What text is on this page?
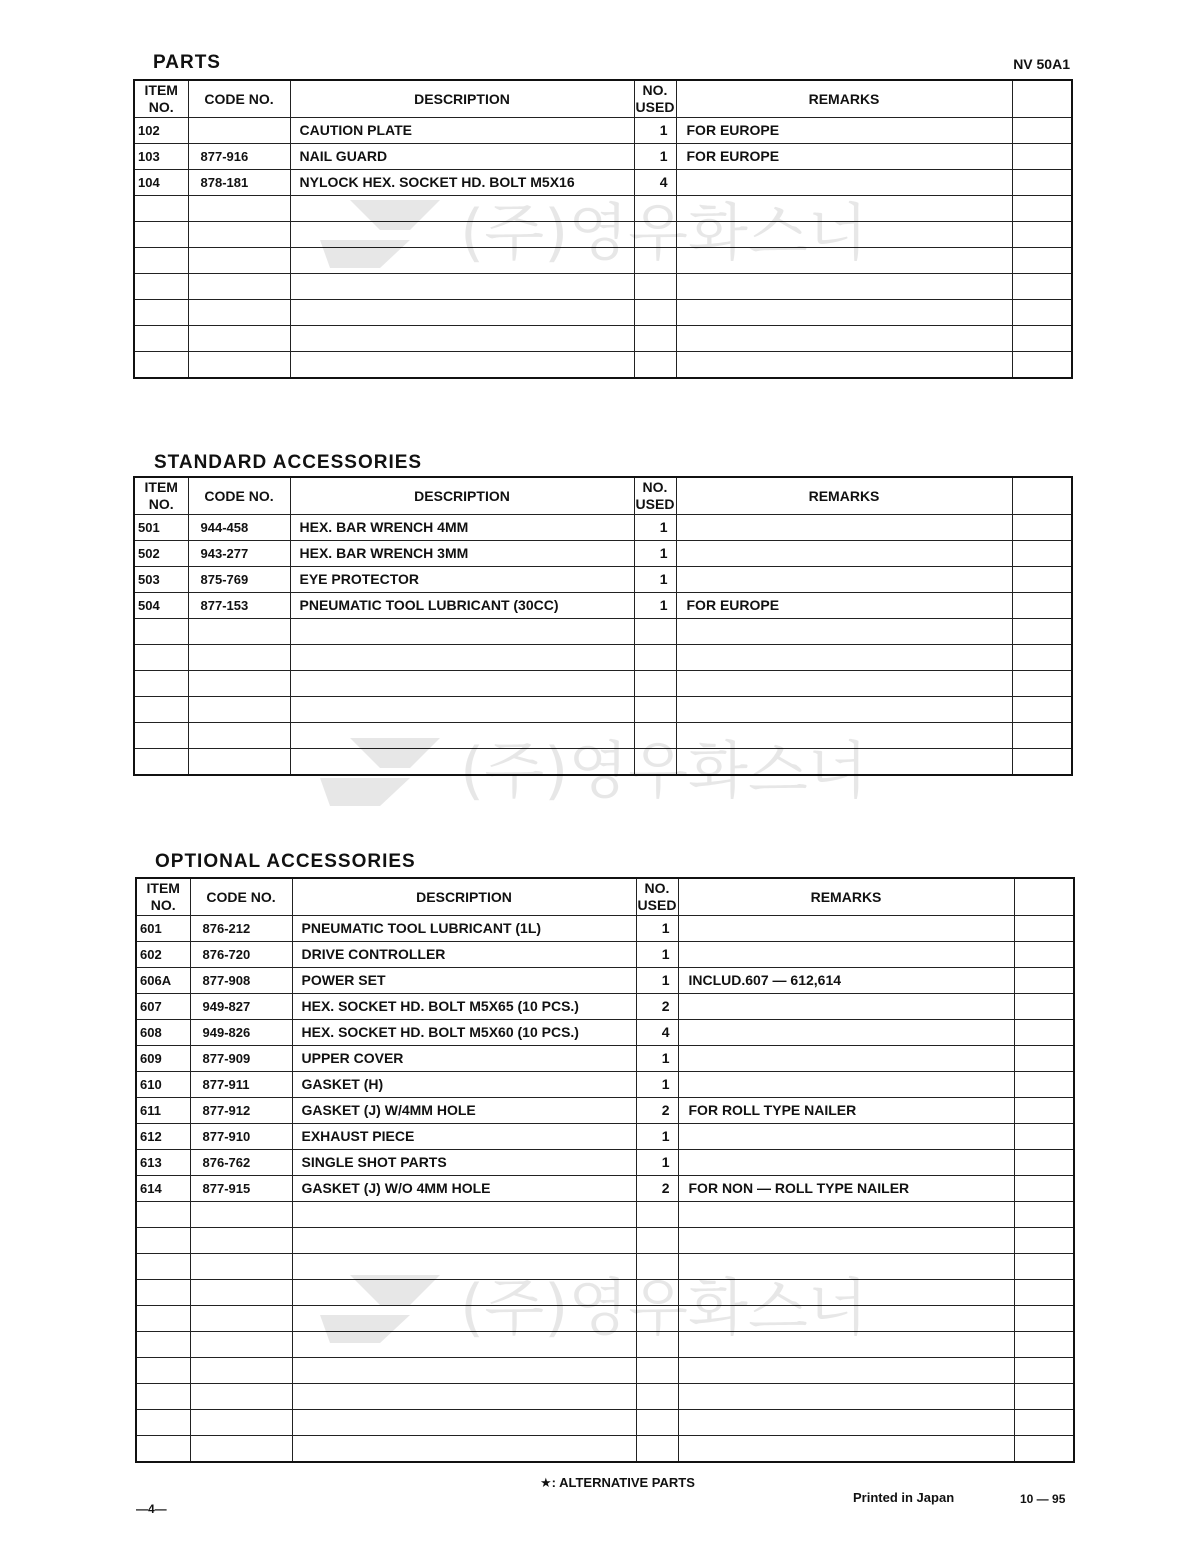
PARTS	NV 50A1
STANDARD ACCESSORIES
OPTIONAL ACCESSORIES
ITEM NO.	CODE NO.	DESCRIPTION	NO. USED	REMARKS	
102		CAUTION PLATE	1	FOR EUROPE	
103	877-916	NAIL GUARD	1	FOR EUROPE	
104	878-181	NYLOCK HEX. SOCKET HD. BOLT M5X16	4		

ITEM NO.	CODE NO.	DESCRIPTION	NO. USED	REMARKS	
501	944-458	HEX. BAR WRENCH 4MM	1		
502	943-277	HEX. BAR WRENCH 3MM	1		
503	875-769	EYE PROTECTOR	1		
504	877-153	PNEUMATIC TOOL LUBRICANT (30CC)	1	FOR EUROPE	

ITEM NO.	CODE NO.	DESCRIPTION	NO. USED	REMARKS	
601	876-212	PNEUMATIC TOOL LUBRICANT (1L)	1		
602	876-720	DRIVE CONTROLLER	1		
606A	877-908	POWER SET	1	INCLUD.607 — 612,614	
607	949-827	HEX. SOCKET HD. BOLT M5X65 (10 PCS.)	2		
608	949-826	HEX. SOCKET HD. BOLT M5X60 (10 PCS.)	4		
609	877-909	UPPER COVER	1		
610	877-911	GASKET (H)	1		
611	877-912	GASKET (J) W/4MM HOLE	2	FOR ROLL TYPE NAILER	
612	877-910	EXHAUST PIECE	1		
613	876-762	SINGLE SHOT PARTS	1		
614	877-915	GASKET (J) W/O 4MM HOLE	2	FOR NON — ROLL TYPE NAILER	

(주)영우화스너
(주)영우화스너
(주)영우화스너
★: ALTERNATIVE PARTS
Printed in Japan	10 — 95
—4—
